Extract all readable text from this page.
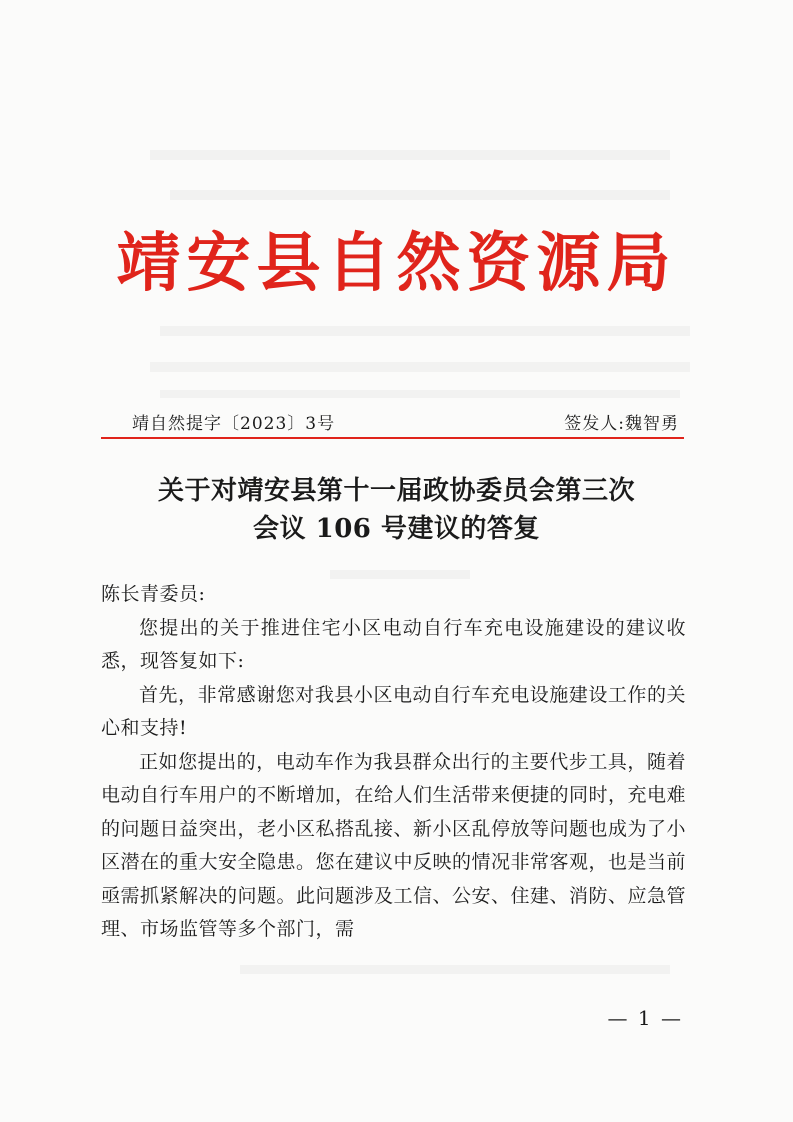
靖安县自然资源局
靖自然提字〔2023〕3号	签发人:魏智勇
关于对靖安县第十一届政协委员会第三次
会议 106 号建议的答复

陈长青委员:

您提出的关于推进住宅小区电动自行车充电设施建设的建议收悉，现答复如下:

首先，非常感谢您对我县小区电动自行车充电设施建设工作的关心和支持!

正如您提出的，电动车作为我县群众出行的主要代步工具，随着电动自行车用户的不断增加，在给人们生活带来便捷的同时，充电难的问题日益突出，老小区私搭乱接、新小区乱停放等问题也成为了小区潜在的重大安全隐患。您在建议中反映的情况非常客观，也是当前亟需抓紧解决的问题。此问题涉及工信、公安、住建、消防、应急管理、市场监管等多个部门，需

— 1 —
